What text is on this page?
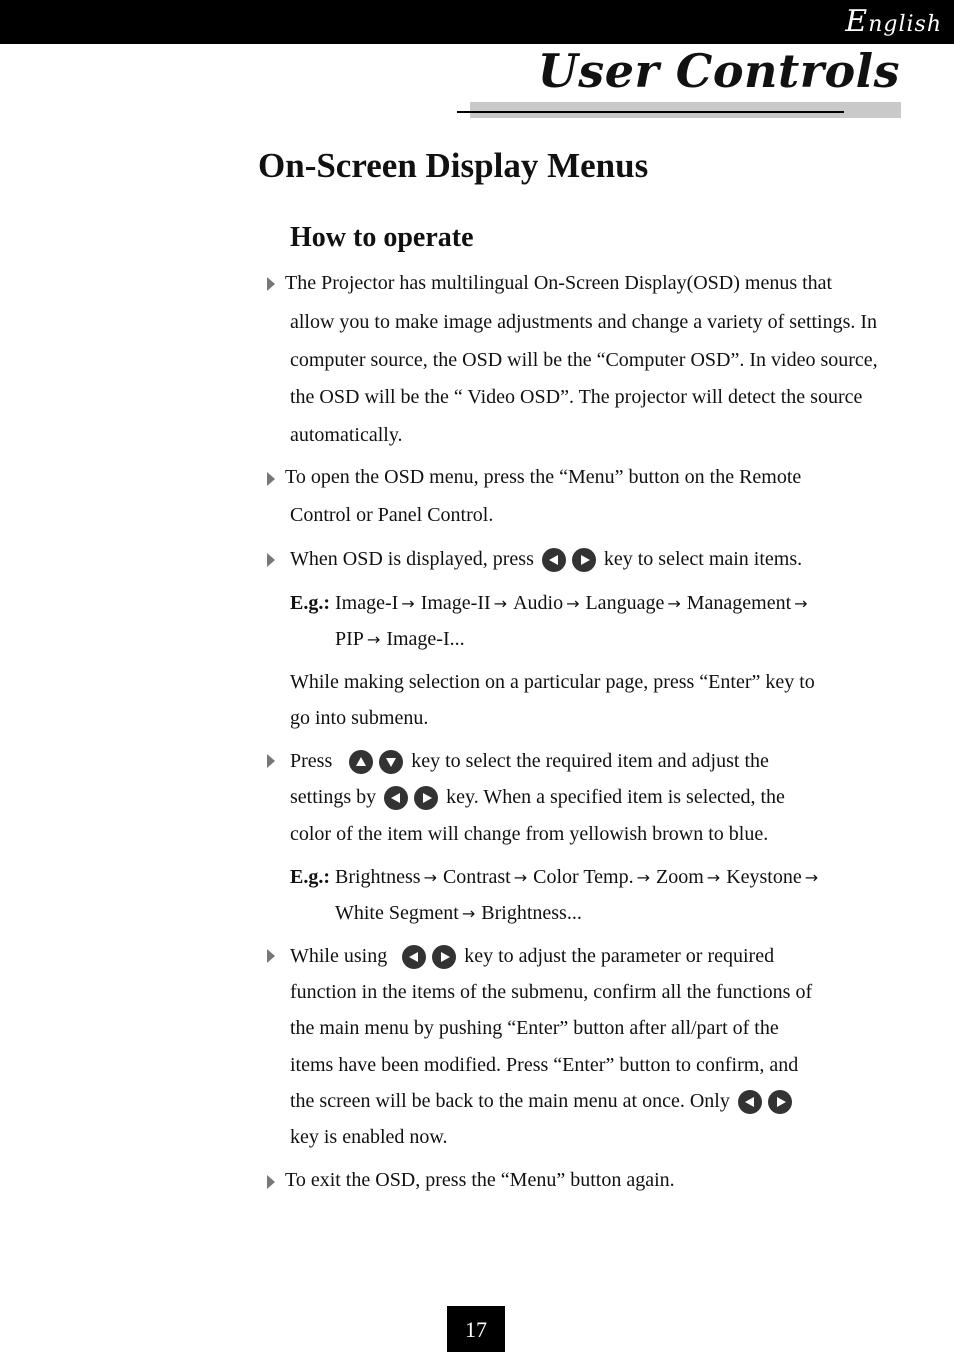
English
User Controls
On-Screen Display Menus
How to operate
The Projector has multilingual On-Screen Display(OSD) menus that
allow you to make image adjustments and change a variety of settings. In computer source, the OSD will be the “Computer OSD”. In video source, the OSD will be the “ Video OSD”. The projector will detect the source automatically.
To open the OSD menu, press the “Menu” button on the Remote
Control or Panel Control.
When OSD is displayed, press	key to select main items.
E.g.: Image-I → Image-II → Audio → Language → Management →
PIP → Image-I...
While making selection on a particular page, press “Enter” key to
go into submenu.
Press	key to select the required item and adjust the
settings by	key. When a specified item is selected, the
color of the item will change from yellowish brown to blue.
E.g.: Brightness → Contrast → Color Temp. → Zoom → Keystone →
White Segment → Brightness...
While using	key to adjust the parameter or required
function in the items of the submenu, confirm all the functions of
the main menu by pushing “Enter” button after all/part of the
items have been modified. Press “Enter” button to confirm, and
the screen will be back to the main menu at once. Only
key is enabled now.
To exit the OSD, press the “Menu” button again.
17
